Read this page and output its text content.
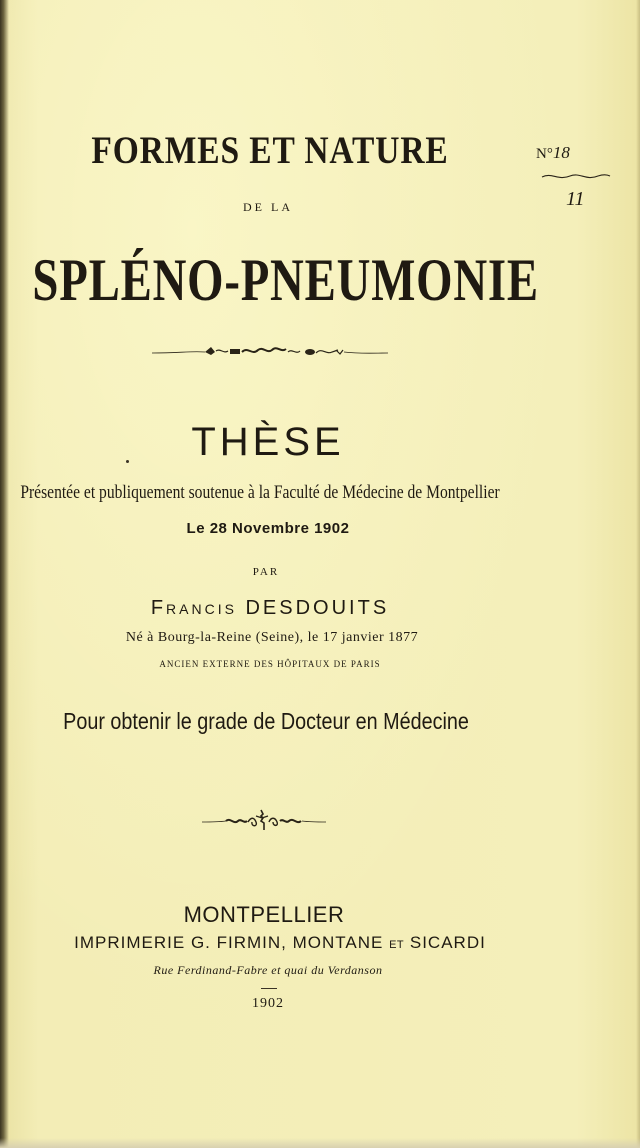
FORMES ET NATURE
DE LA
SPLÉNO-PNEUMONIE
THÈSE
Présentée et publiquement soutenue à la Faculté de Médecine de Montpellier
Le 28 Novembre 1902
PAR
Francis DESDOUITS
Né à Bourg-la-Reine (Seine), le 17 janvier 1877
ANCIEN EXTERNE DES HÔPITAUX DE PARIS
Pour obtenir le grade de Docteur en Médecine
MONTPELLIER
IMPRIMERIE G. FIRMIN, MONTANE ET SICARDI
Rue Ferdinand-Fabre et quai du Verdanson
1902
N°18
11
